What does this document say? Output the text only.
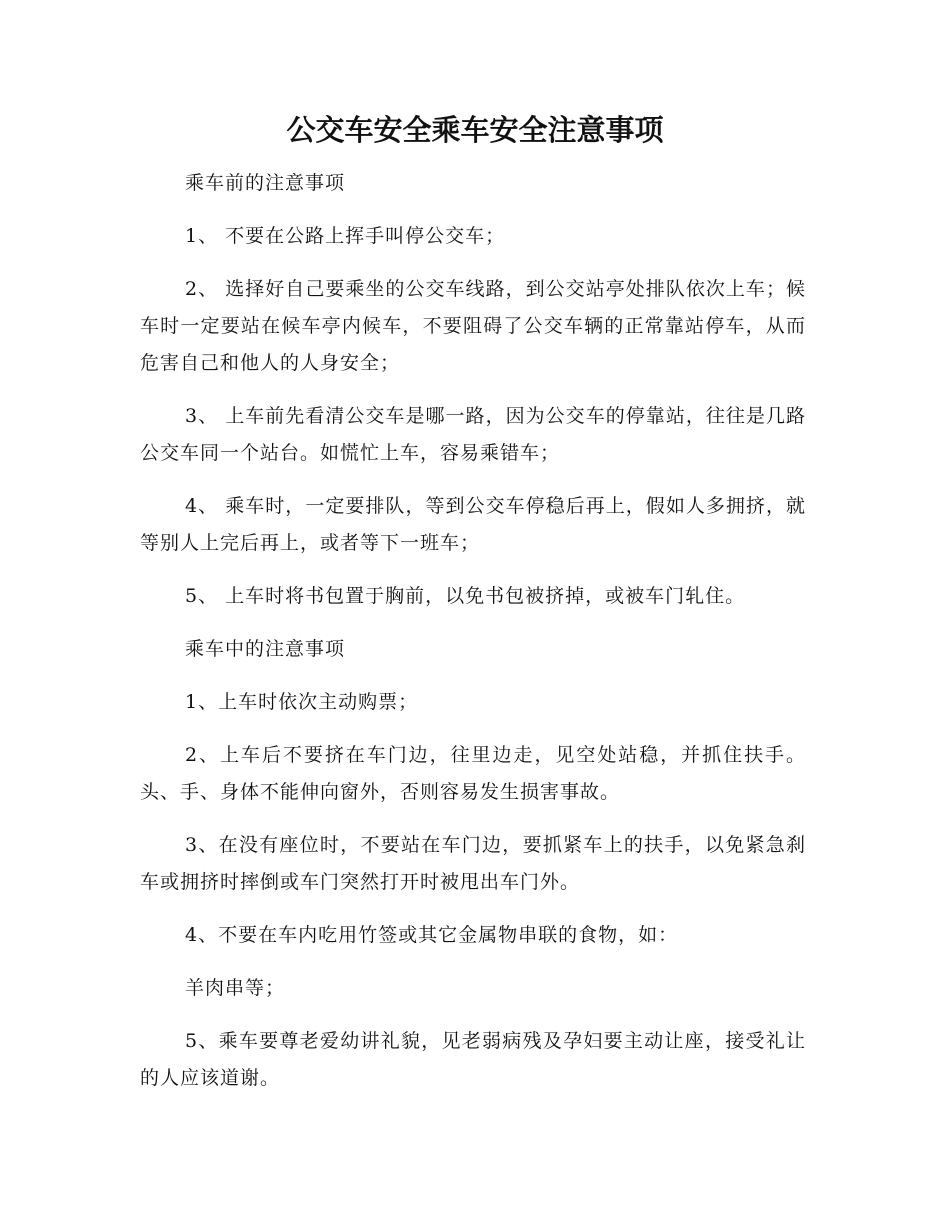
公交车安全乘车安全注意事项

乘车前的注意事项

1、 不要在公路上挥手叫停公交车；

2、 选择好自己要乘坐的公交车线路，到公交站亭处排队依次上车；候车时一定要站在候车亭内候车，不要阻碍了公交车辆的正常靠站停车，从而危害自己和他人的人身安全；

3、 上车前先看清公交车是哪一路，因为公交车的停靠站，往往是几路公交车同一个站台。如慌忙上车，容易乘错车；

4、 乘车时，一定要排队，等到公交车停稳后再上，假如人多拥挤，就等别人上完后再上，或者等下一班车；

5、 上车时将书包置于胸前，以免书包被挤掉，或被车门轧住。

乘车中的注意事项

1、上车时依次主动购票；

2、上车后不要挤在车门边，往里边走，见空处站稳，并抓住扶手。头、手、身体不能伸向窗外，否则容易发生损害事故。

3、在没有座位时，不要站在车门边，要抓紧车上的扶手，以免紧急刹车或拥挤时摔倒或车门突然打开时被甩出车门外。

4、不要在车内吃用竹签或其它金属物串联的食物，如：

羊肉串等；

5、乘车要尊老爱幼讲礼貌，见老弱病残及孕妇要主动让座，接受礼让的人应该道谢。
